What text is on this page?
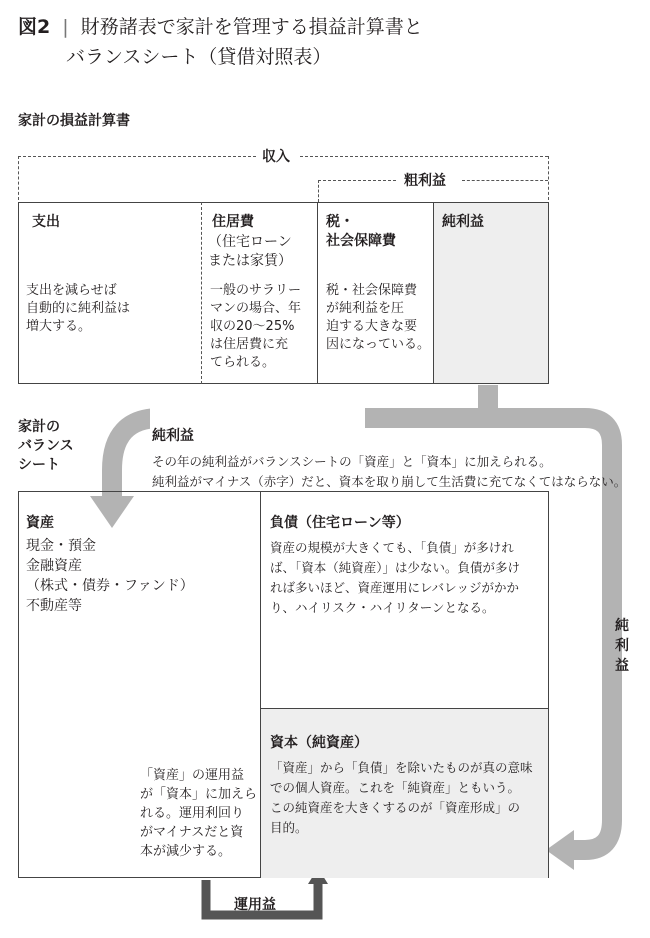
図2 | 財務諸表で家計を管理する損益計算書と
バランスシート（貸借対照表）
家計の損益計算書
収入
粗利益
支出
支出を減らせば
自動的に純利益は
増大する。
住居費
（住宅ローン
または家賃）
一般のサラリー
マンの場合、年
収の20～25%
は住居費に充
てられる。
税・
社会保障費
税・社会保障費
が純利益を圧
迫する大きな要
因になっている。
純利益
家計の
バランス
シート
純利益
その年の純利益がバランスシートの「資産」と「資本」に加えられる。
純利益がマイナス（赤字）だと、資本を取り崩して生活費に充てなくてはならない。
資産
現金・預金
金融資産
（株式・債券・ファンド）
不動産等
「資産」の運用益
が「資本」に加えら
れる。運用利回り
がマイナスだと資
本が減少する。
負債（住宅ローン等）
資産の規模が大きくても、「負債」が多けれ
ば、「資本（純資産）」は少ない。負債が多け
れば多いほど、資産運用にレバレッジがかか
り、ハイリスク・ハイリターンとなる。
資本（純資産）
「資産」から「負債」を除いたものが真の意味
での個人資産。これを「純資産」ともいう。
この純資産を大きくするのが「資産形成」の
目的。
純
利
益
運用益
